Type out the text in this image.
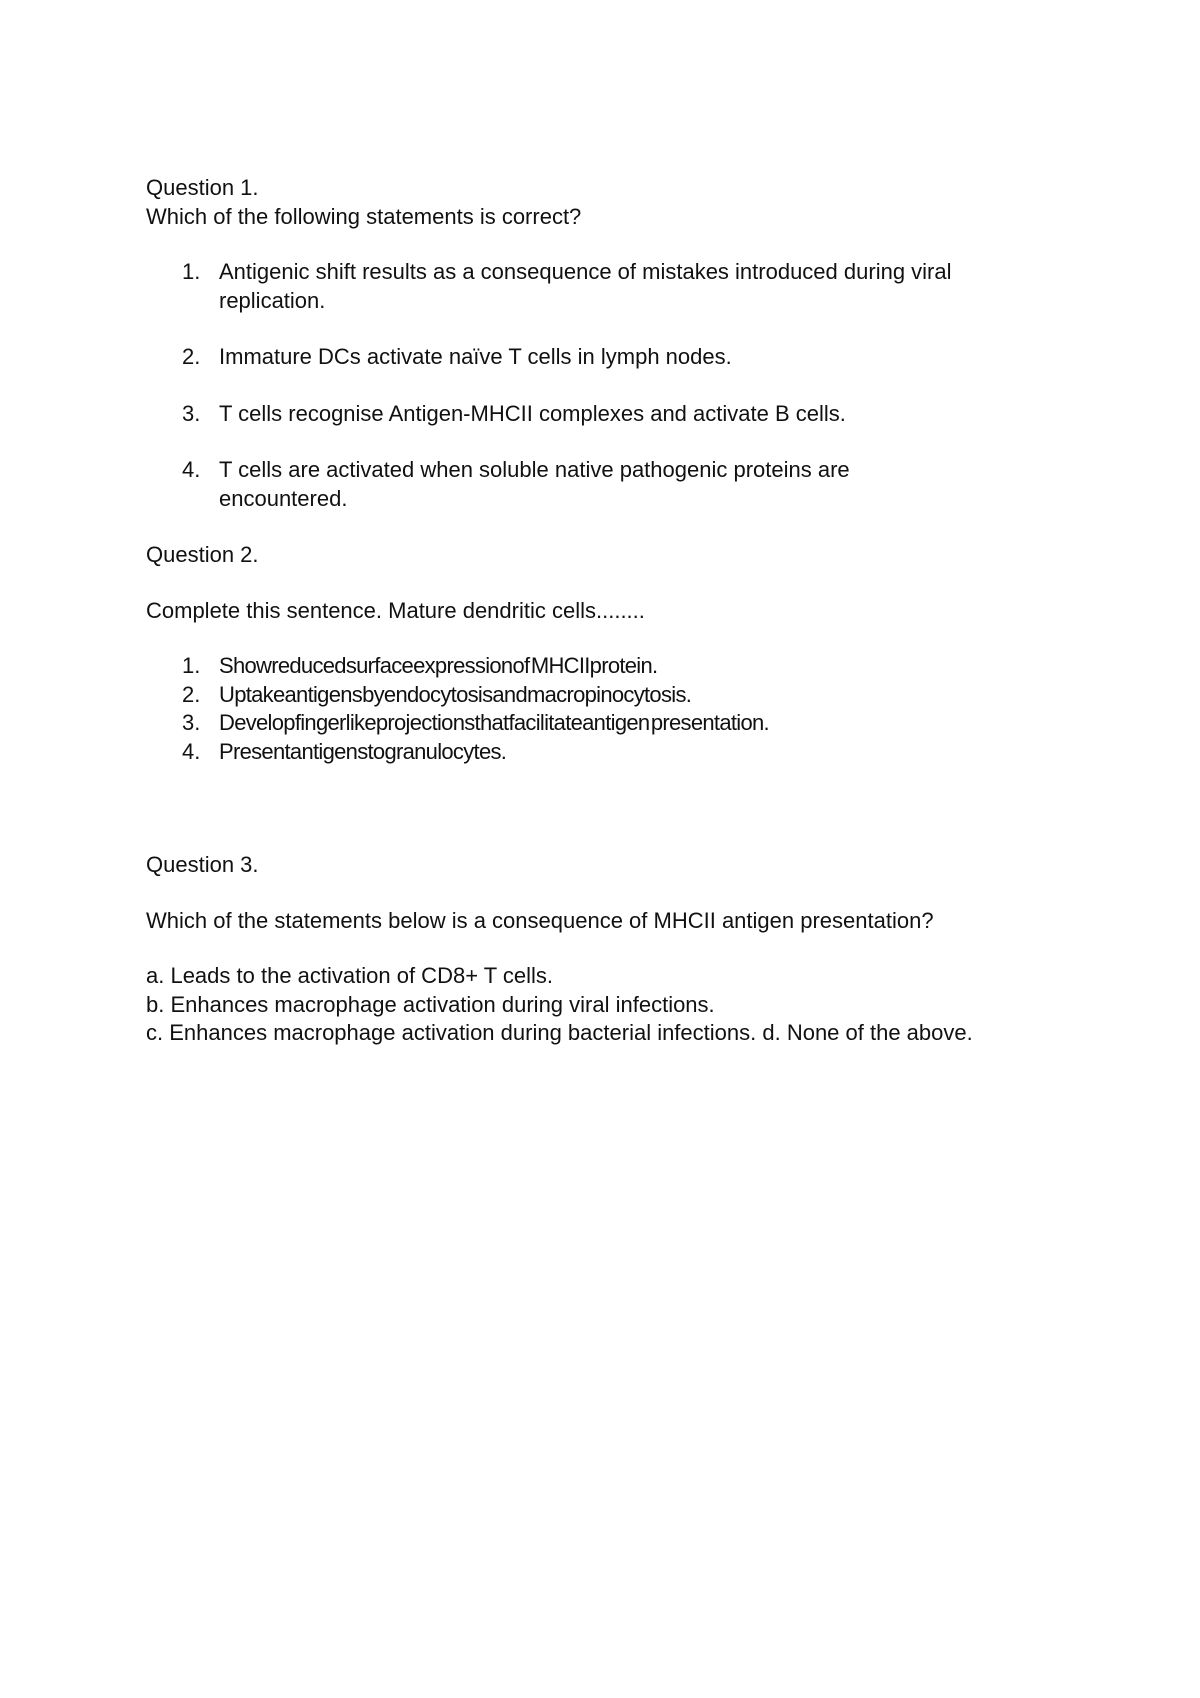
Question 1.

Which of the following statements is correct?

1. Antigenic shift results as a consequence of mistakes introduced during viral
replication.
2. Immature DCs activate naïve T cells in lymph nodes.
3. T cells recognise Antigen-MHCII complexes and activate B cells.
4. T cells are activated when soluble native pathogenic proteins are
encountered.

Question 2.

Complete this sentence. Mature dendritic cells........

1. Showreducedsurfaceexpressionof MHCIIprotein.
2. Uptakeantigensbyendocytosisandmacropinocytosis.
3. Developfingerlikeprojectionsthatfacilitateantigen presentation.
4. Presentantigenstogranulocytes.

Question 3.

Which of the statements below is a consequence of MHCII antigen presentation?

a. Leads to the activation of CD8+ T cells.

b. Enhances macrophage activation during viral infections.

c. Enhances macrophage activation during bacterial infections. d. None of the above.
